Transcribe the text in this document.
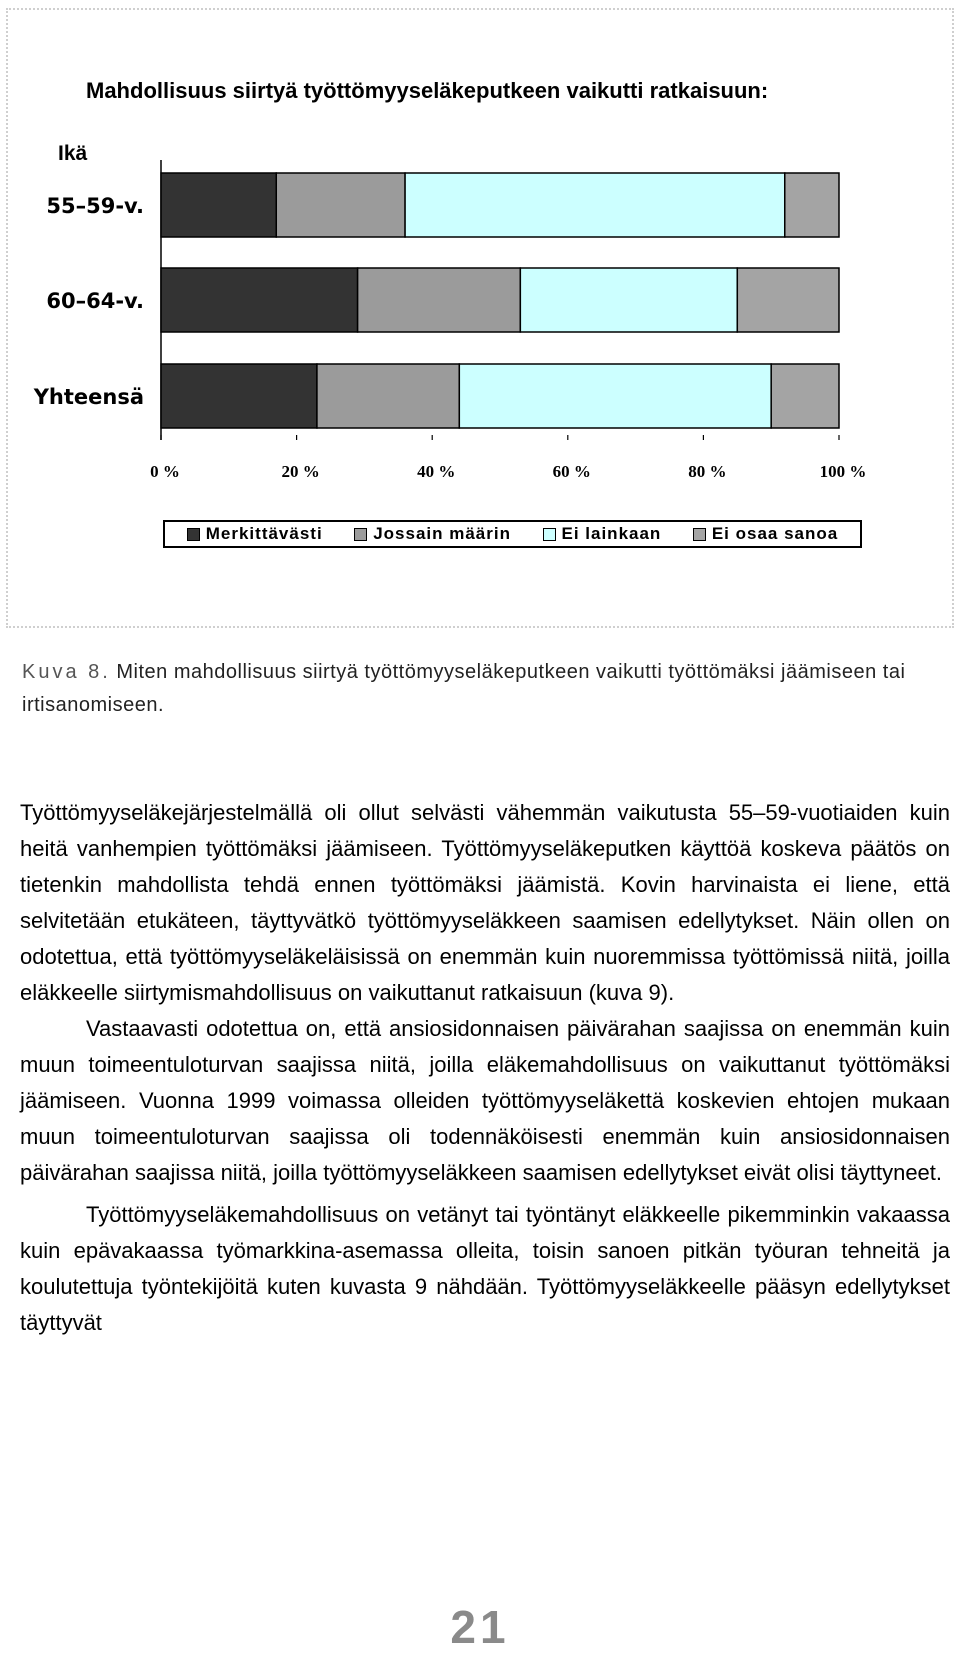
Mahdollisuus siirtyä työttömyyseläkeputkeen vaikutti ratkaisuun:
Ikä
55–59-v.
60–64-v.
Yhteensä
0 %	20 %	40 %	60 %	80 %	100 %
Merkittävästi	Jossain määrin	Ei lainkaan	Ei osaa sanoa
Kuva 8. Miten mahdollisuus siirtyä työttömyyseläkeputkeen vaikutti työttömäksi jäämiseen tai irtisanomiseen.

Työttömyyseläkejärjestelmällä oli ollut selvästi vähemmän vaikutusta 55–59-vuotiaiden kuin heitä vanhempien työttömäksi jäämiseen. Työttömyyseläkeputken käyttöä koskeva päätös on tietenkin mahdollista tehdä ennen työttömäksi jäämistä. Kovin harvinaista ei liene, että selvitetään etukäteen, täyttyvätkö työttömyyseläkkeen saamisen edellytykset. Näin ollen on odotettua, että työttömyyseläkeläisissä on enemmän kuin nuoremmissa työttömissä niitä, joilla eläkkeelle siirtymismahdollisuus on vaikuttanut ratkaisuun (kuva 9).

Vastaavasti odotettua on, että ansiosidonnaisen päivärahan saajissa on enemmän kuin muun toimeentuloturvan saajissa niitä, joilla eläkemahdollisuus on vaikuttanut työttömäksi jäämiseen. Vuonna 1999 voimassa olleiden työttömyyseläkettä koskevien ehtojen mukaan muun toimeentuloturvan saajissa oli todennäköisesti enemmän kuin ansiosidonnaisen päivärahan saajissa niitä, joilla työttömyyseläkkeen saamisen edellytykset eivät olisi täyttyneet.

Työttömyyseläkemahdollisuus on vetänyt tai työntänyt eläkkeelle pikemminkin vakaassa kuin epävakaassa työmarkkina-asemassa olleita, toisin sanoen pitkän työuran tehneitä ja koulutettuja työntekijöitä kuten kuvasta 9 nähdään. Työttömyyseläkkeelle pääsyn edellytykset täyttyvät

21
